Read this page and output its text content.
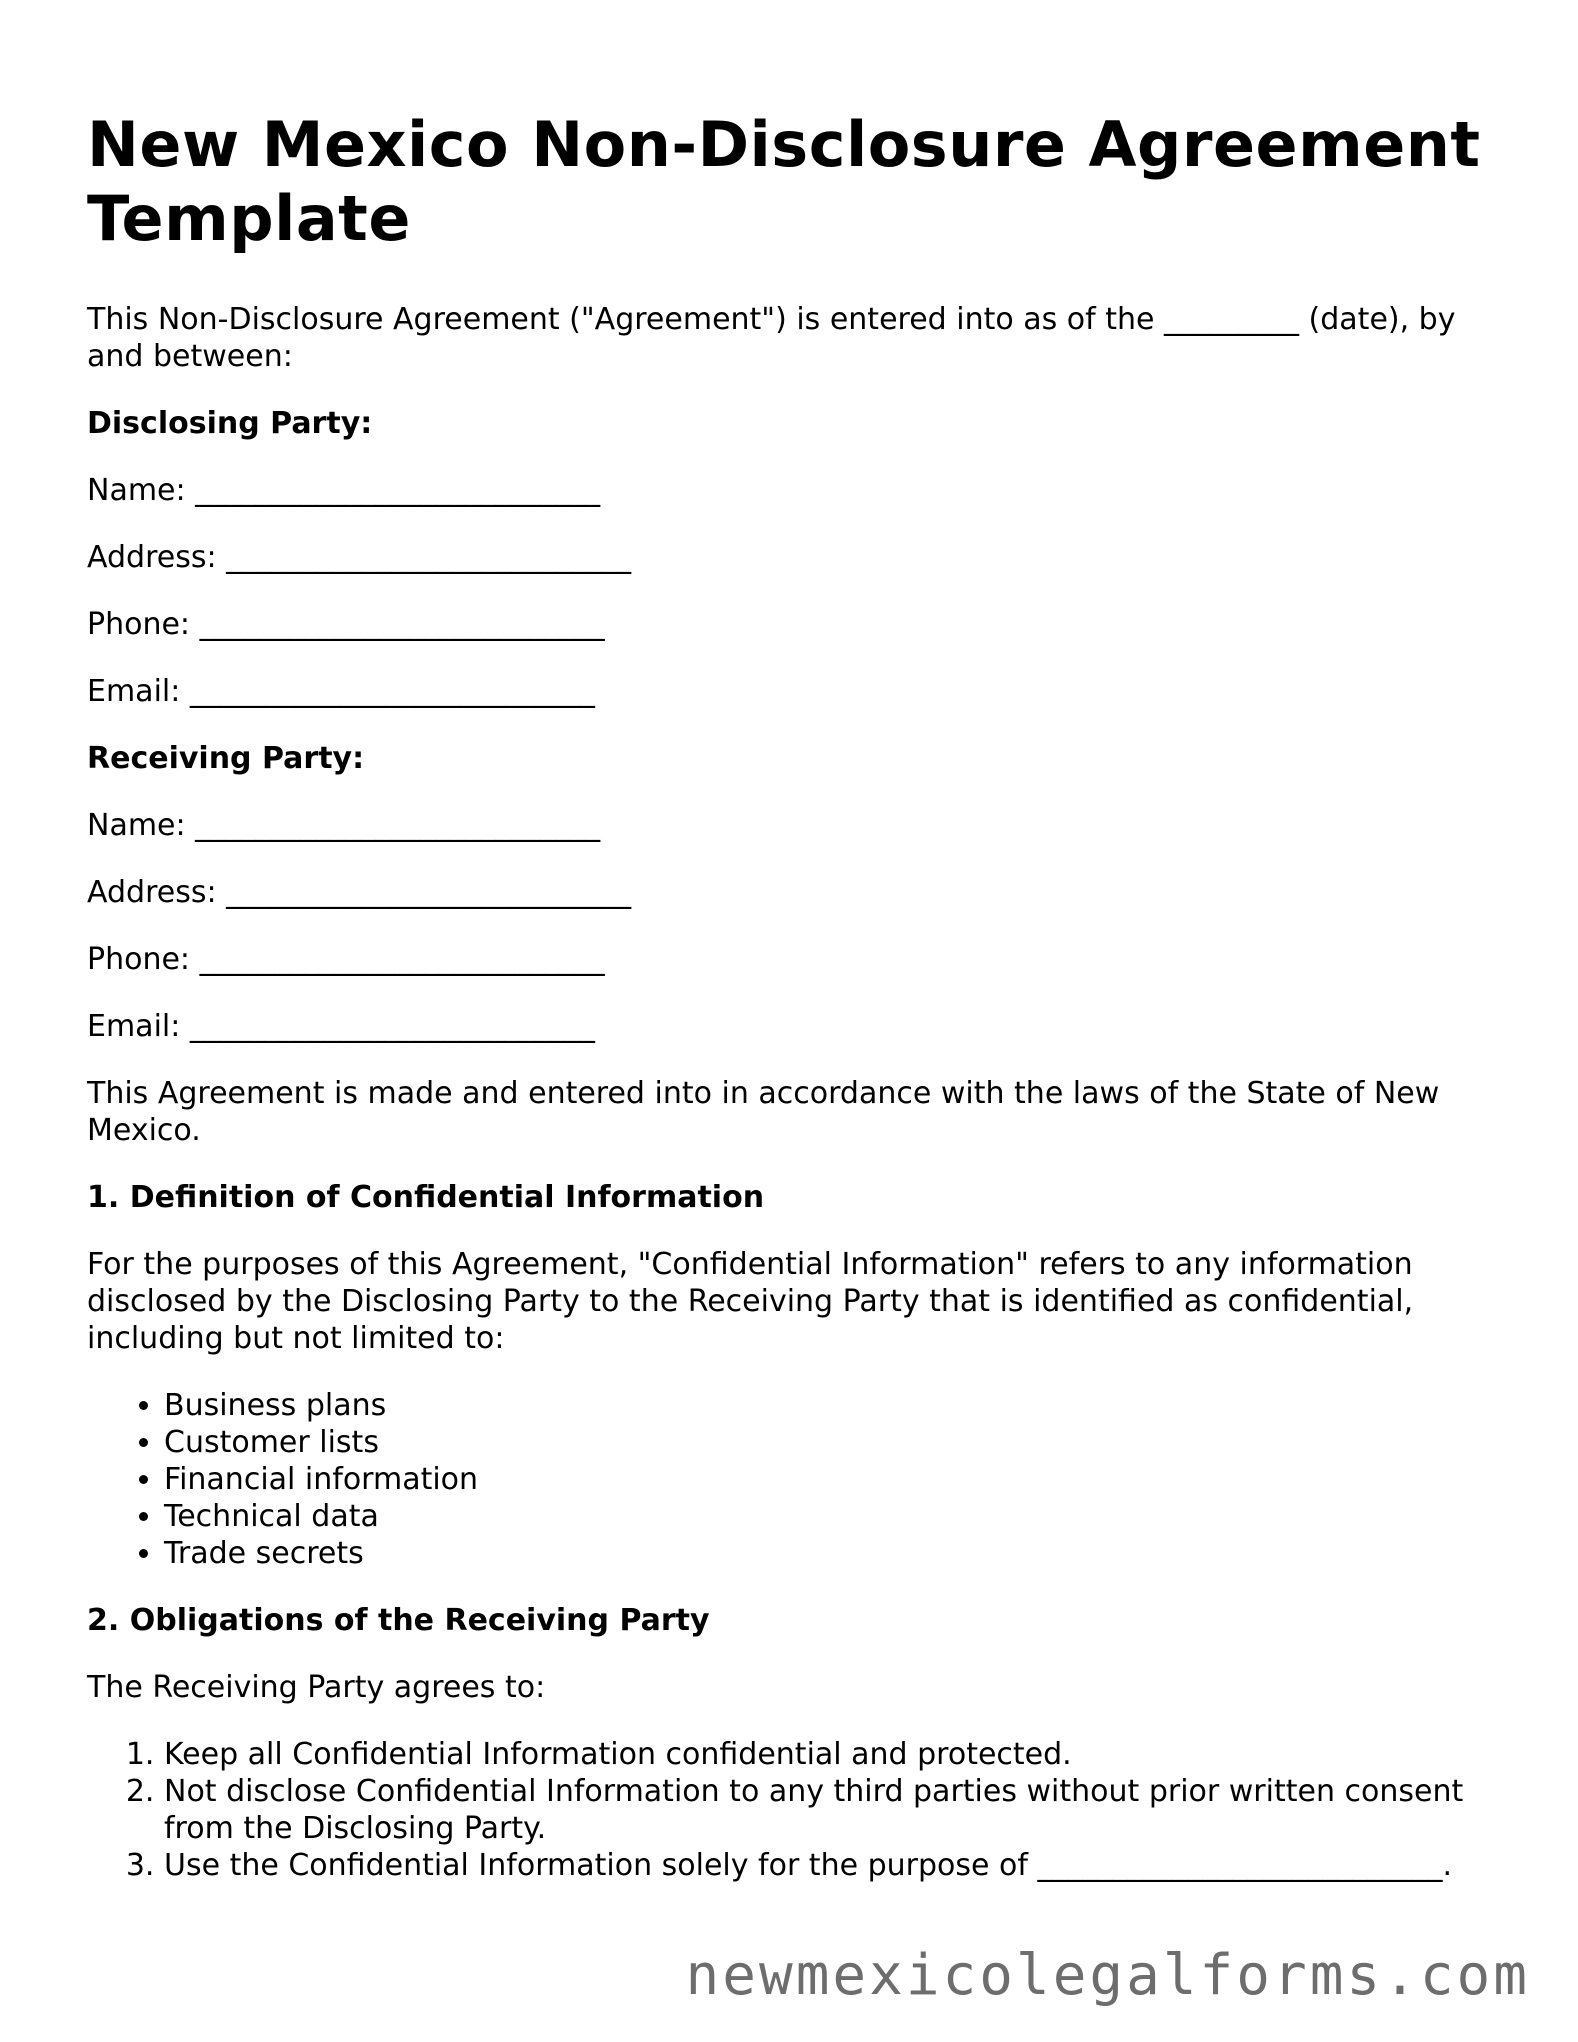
New Mexico Non-Disclosure Agreement Template

This Non-Disclosure Agreement ("Agreement") is entered into as of the _________ (date), by and between:

Disclosing Party:

Name: ___________________________

Address: ___________________________

Phone: ___________________________

Email: ___________________________

Receiving Party:

Name: ___________________________

Address: ___________________________

Phone: ___________________________

Email: ___________________________

This Agreement is made and entered into in accordance with the laws of the State of New Mexico.

1. Definition of Confidential Information

For the purposes of this Agreement, "Confidential Information" refers to any information disclosed by the Disclosing Party to the Receiving Party that is identified as confidential, including but not limited to:

• Business plans
• Customer lists
• Financial information
• Technical data
• Trade secrets

2. Obligations of the Receiving Party

The Receiving Party agrees to:

1. Keep all Confidential Information confidential and protected.
2. Not disclose Confidential Information to any third parties without prior written consent from the Disclosing Party.
3. Use the Confidential Information solely for the purpose of ___________________________.
newmexicolegalforms.com
